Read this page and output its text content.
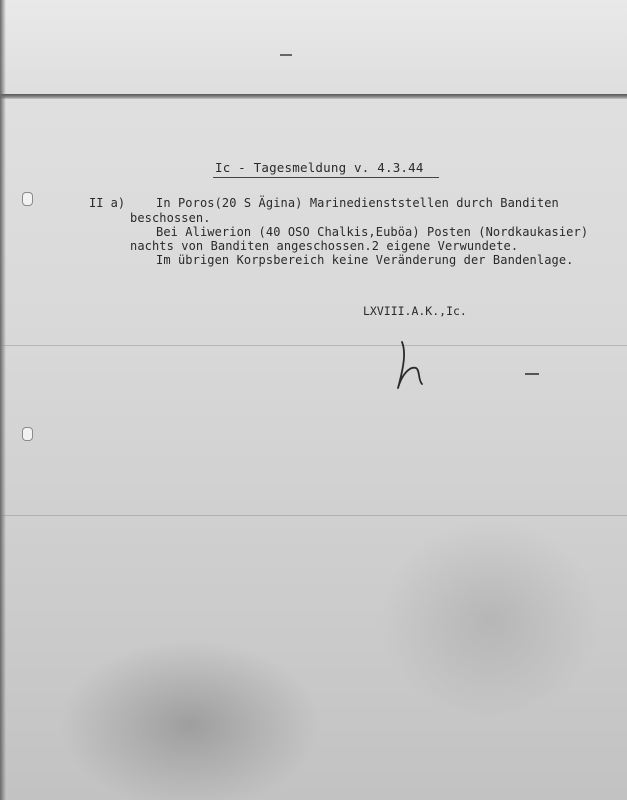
Ic - Tagesmeldung v. 4.3.44
II a)	In Poros(20 S Ägina) Marinedienststellen durch Banditen
beschossen.
Bei Aliwerion (40 OSO Chalkis,Euböa) Posten (Nordkaukasier)
nachts von Banditen angeschossen.2 eigene Verwundete.
Im übrigen Korpsbereich keine Veränderung der Bandenlage.
LXVIII.A.K.,Ic.
